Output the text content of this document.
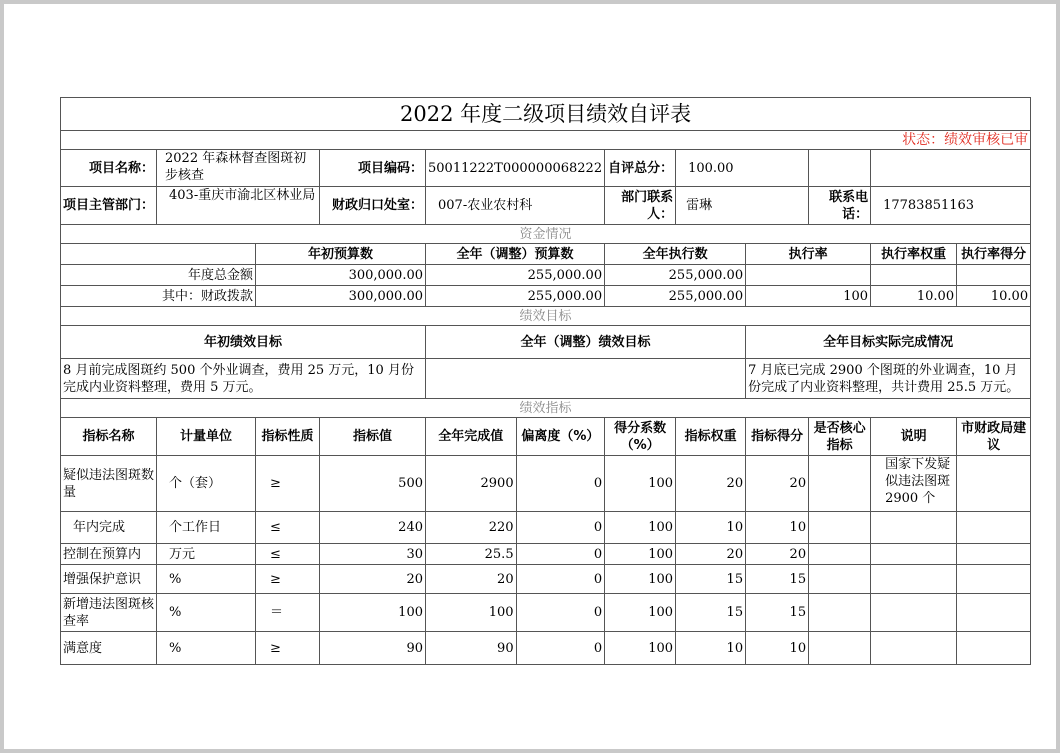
2022 年度二级项目绩效自评表											
状态：绩效审核已审											
项目名称：	2022 年森林督查图斑初步核查		项目编码：	50011222T000000068222		自评总分：	100.00				
项目主管部门：	403-重庆市渝北区林业局		财政归口处室：	007-农业农村科		部门联系人：	雷琳		联系电话：	17783851163	
资金情况											
		年初预算数		全年（调整）预算数		全年执行数		执行率		执行率权重	执行率得分
年度总金额		300,000.00		255,000.00		255,000.00					
其中：财政拨款		300,000.00		255,000.00		255,000.00		100		10.00	10.00
绩效目标											
年初绩效目标				全年（调整）绩效目标				全年目标实际完成情况			
8 月前完成图斑约 500 个外业调查，费用 25 万元，10 月份完成内业资料整理，费用 5 万元。								7 月底已完成 2900 个图斑的外业调查，10 月份完成了内业资料整理，共计费用 25.5 万元。			
绩效指标											
指标名称	计量单位	指标性质	指标值	全年完成值	偏离度（%）	得分系数（%）	指标权重	指标得分	是否核心指标	说明	市财政局建议
疑似违法图斑数量	个（套）	≥	500	2900	0	100	20	20		国家下发疑似违法图斑 2900 个	
年内完成	个工作日	≤	240	220	0	100	10	10			
控制在预算内	万元	≤	30	25.5	0	100	20	20			
增强保护意识	%	≥	20	20	0	100	15	15			
新增违法图斑核查率	%	＝	100	100	0	100	15	15			
满意度	%	≥	90	90	0	100	10	10			
